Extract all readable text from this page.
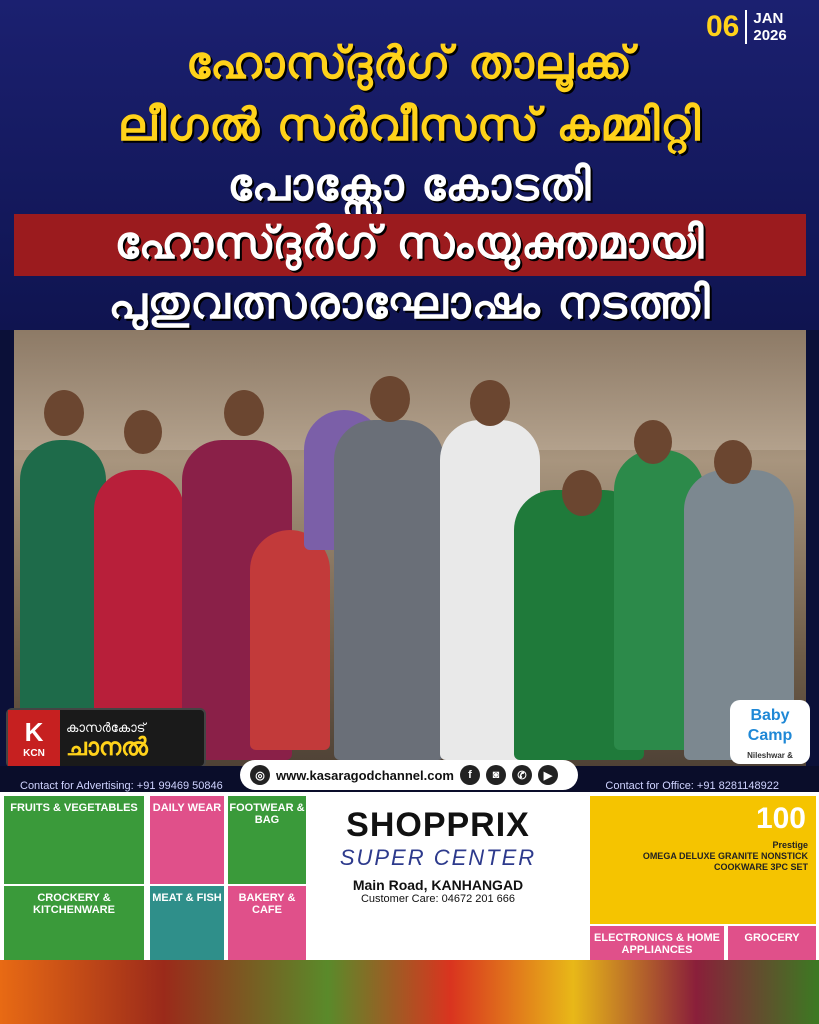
06 JAN
2026
ഹോസ്ദുർഗ് താലൂക്ക്
ലീഗൽ സർവീസസ് കമ്മിറ്റി
പോക്സോ കോടതി
ഹോസ്ദുർഗ് സംയുക്തമായി
പുതുവത്സരാഘോഷം നടത്തി
K
KCN
കാസർകോട്
ചാനൽ
Baby
Camp
Nileshwar &
Contact for Advertising: +91 99469 50846	Contact for Office: +91 8281148922
◎ www.kasaragodchannel.com	f	◙	✆	▶
FRUITS & VEGETABLES	DAILY WEAR FOOTWEAR & BAG
CROCKERY & KITCHENWARE
MEAT & FISH	BAKERY & CAFE
ELECTRONICS & HOME APPLIANCES
GROCERY
SHOPPRIX
SUPER CENTER
Main Road, KANHANGAD
Customer Care: 04672 201 666
100
Prestige
OMEGA DELUXE GRANITE NONSTICK COOKWARE 3PC SET
